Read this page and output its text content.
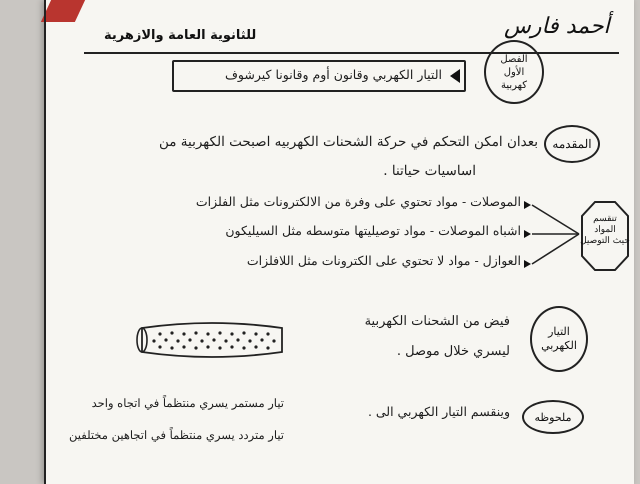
للثانوية العامة والازهرية	أحمد فارس
الفصل
الأول
كهربية
التيار الكهربي وقانون أوم وقانونا كيرشوف
المقدمه
بعدان امكن التحكم في حركة الشحنات الكهربيه اصبحت الكهربية من
اساسيات حياتنا .
تنقسم
المواد
حيث التوصيل
الموصلات - مواد تحتوي على وفرة من الالكترونات مثل الفلزات
اشباه الموصلات - مواد توصيليتها متوسطه مثل السيليكون
العوازل - مواد لا تحتوي على الكترونات مثل اللافلزات
التيار
الكهربي
فيض من الشحنات الكهربية
ليسري خلال موصل .
ملحوظه
وينقسم التيار الكهربي الى .
تيار مستمر يسري منتظماً في اتجاه واحد
تيار متردد يسري منتظماً في اتجاهين مختلفين
